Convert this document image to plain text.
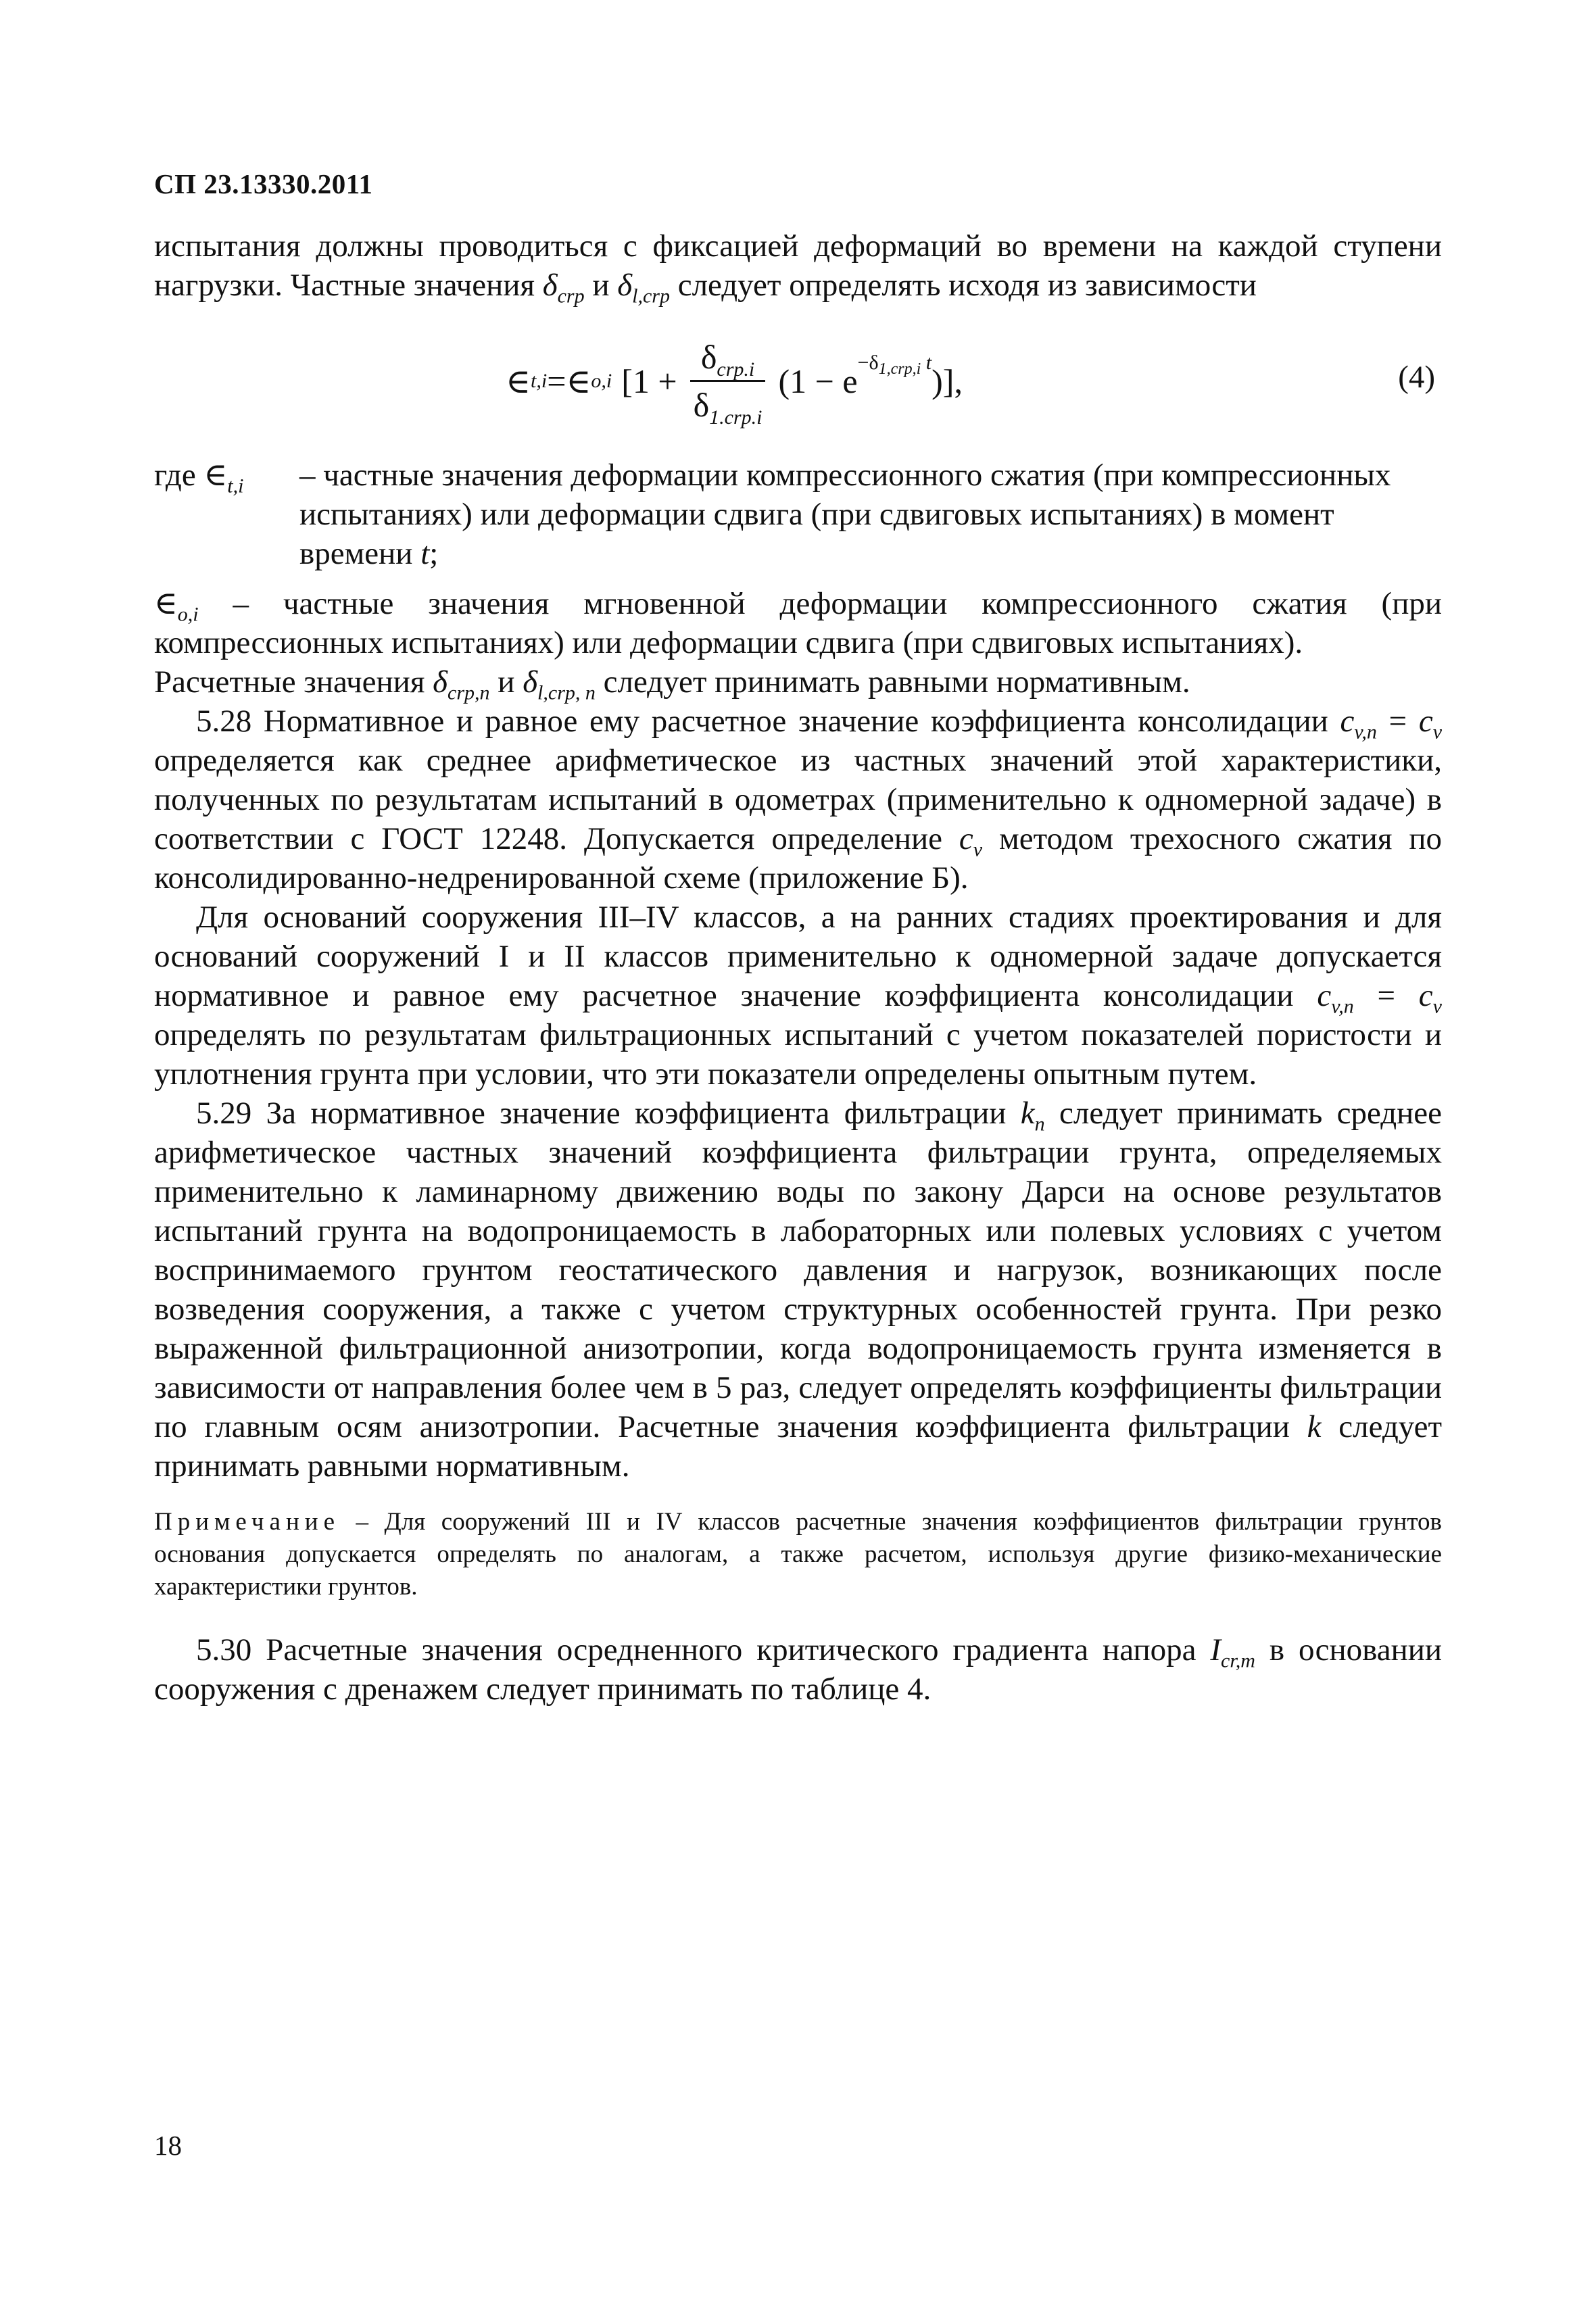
СП 23.13330.2011

испытания должны проводиться с фиксацией деформаций во времени на каждой ступени нагрузки. Частные значения $\delta_{crp}$ и $\delta_{l,crp}$ следует определять исходя из зависимости

∈ t,i =∈ o,i [$1 + \frac{\delta_{crp.i}}{\delta_{1.crp.i}} (1 - e$ $^{-\delta_{1,crp,i} t}$ )] ,	(4)
где $\in_{t,i}$	– частные значения деформации компрессионного сжатия (при компрессионных испытаниях) или деформации сдвига (при сдвиговых испытаниях) в момент времени t;

$\in_{o,i}$ – частные значения мгновенной деформации компрессионного сжатия (при компрессионных испытаниях) или деформации сдвига (при сдвиговых испытаниях).

Расчетные значения $\delta_{crp,n}$ и $\delta_{l,crp, n}$ следует принимать равными нормативным.

5.28 Нормативное и равное ему расчетное значение коэффициента консолидации $c_{v,n} = c_v$ определяется как среднее арифметическое из частных значений этой характеристики, полученных по результатам испытаний в одометрах (применительно к одномерной задаче) в соответствии с ГОСТ 12248. Допускается определение $c_v$ методом трехосного сжатия по консолидированно-недренированной схеме (приложение Б).

Для оснований сооружения III–IV классов, а на ранних стадиях проектирования и для оснований сооружений I и II классов применительно к одномерной задаче допускается нормативное и равное ему расчетное значение коэффициента консолидации $c_{v,n} = c_v$ определять по результатам фильтрационных испытаний с учетом показателей пористости и уплотнения грунта при условии, что эти показатели определены опытным путем.

5.29 За нормативное значение коэффициента фильтрации $k_n$ следует принимать среднее арифметическое частных значений коэффициента фильтрации грунта, определяемых применительно к ламинарному движению воды по закону Дарси на основе результатов испытаний грунта на водопроницаемость в лабораторных или полевых условиях с учетом воспринимаемого грунтом геостатического давления и нагрузок, возникающих после возведения сооружения, а также с учетом структурных особенностей грунта. При резко выраженной фильтрационной анизотропии, когда водопроницаемость грунта изменяется в зависимости от направления более чем в 5 раз, следует определять коэффициенты фильтрации по главным осям анизотропии. Расчетные значения коэффициента фильтрации k следует принимать равными нормативным.

Примечание – Для сооружений III и IV классов расчетные значения коэффициентов фильтрации грунтов основания допускается определять по аналогам, а также расчетом, используя другие физико-механические характеристики грунтов.

5.30 Расчетные значения осредненного критического градиента напора $I_{cr,m}$ в основании сооружения с дренажем следует принимать по таблице 4.

18
